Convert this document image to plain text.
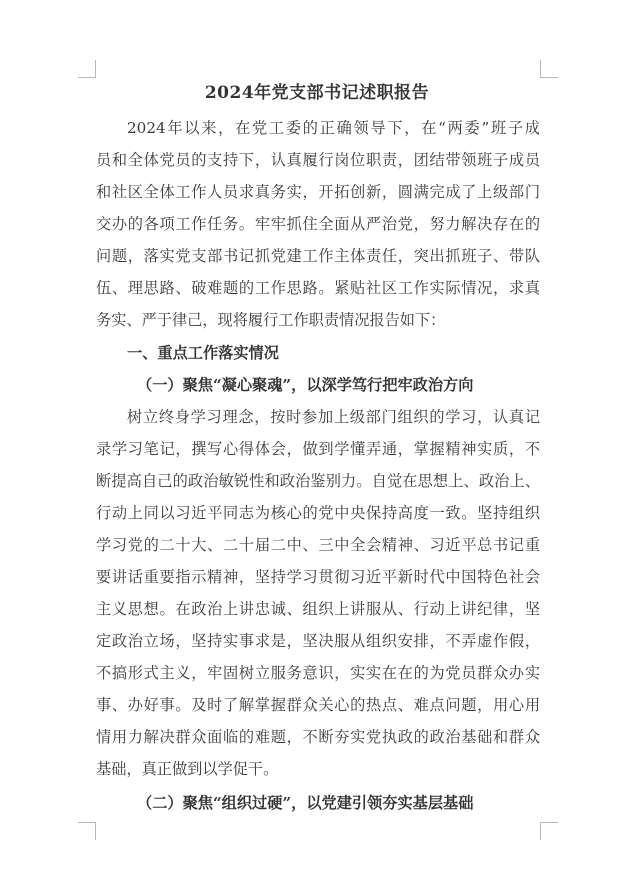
2024年党支部书记述职报告
2024年以来，在党工委的正确领导下，在“两委”班子成
员和全体党员的支持下，认真履行岗位职责，团结带领班子成员
和社区全体工作人员求真务实，开拓创新，圆满完成了上级部门
交办的各项工作任务。牢牢抓住全面从严治党，努力解决存在的
问题，落实党支部书记抓党建工作主体责任，突出抓班子、带队
伍、理思路、破难题的工作思路。紧贴社区工作实际情况，求真
务实、严于律己，现将履行工作职责情况报告如下：
一、重点工作落实情况
（一）聚焦“凝心聚魂”，以深学笃行把牢政治方向
树立终身学习理念，按时参加上级部门组织的学习，认真记
录学习笔记，撰写心得体会，做到学懂弄通，掌握精神实质，不
断提高自己的政治敏锐性和政治鉴别力。自觉在思想上、政治上、
行动上同以习近平同志为核心的党中央保持高度一致。坚持组织
学习党的二十大、二十届二中、三中全会精神、习近平总书记重
要讲话重要指示精神，坚持学习贯彻习近平新时代中国特色社会
主义思想。在政治上讲忠诚、组织上讲服从、行动上讲纪律，坚
定政治立场，坚持实事求是，坚决服从组织安排，不弄虚作假，
不搞形式主义，牢固树立服务意识，实实在在的为党员群众办实
事、办好事。及时了解掌握群众关心的热点、难点问题，用心用
情用力解决群众面临的难题，不断夯实党执政的政治基础和群众
基础，真正做到以学促干。
（二）聚焦“组织过硬”，以党建引领夯实基层基础
